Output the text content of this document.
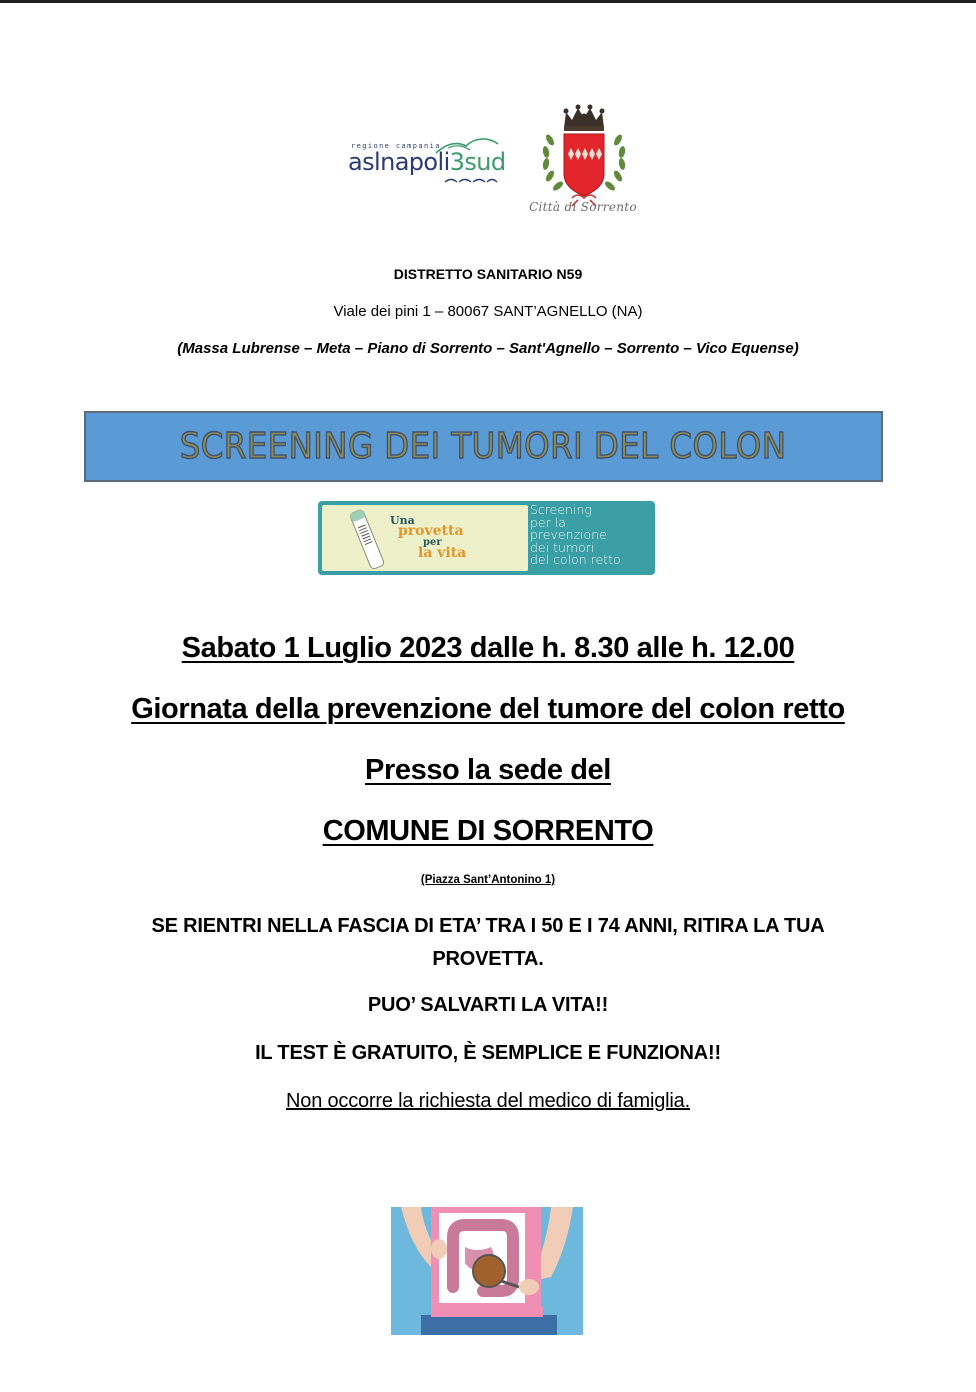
regione campania
aslnapoli3sud
Città di Sorrento
DISTRETTO SANITARIO N59
Viale dei pini 1 – 80067 SANT’AGNELLO (NA)
(Massa Lubrense – Meta – Piano di Sorrento – Sant'Agnello – Sorrento – Vico Equense)
SCREENING DEI TUMORI DEL COLON
Una
provetta
per
la vita
Screening
per la
prevenzione
dei tumori
del colon retto
Sabato 1 Luglio 2023 dalle h. 8.30 alle h. 12.00
Giornata della prevenzione del tumore del colon retto
Presso la sede del
COMUNE DI SORRENTO
(Piazza Sant’Antonino 1)
SE RIENTRI NELLA FASCIA DI ETA’ TRA I 50 E I 74 ANNI, RITIRA LA TUA PROVETTA.
PUO’ SALVARTI LA VITA!!
IL TEST È GRATUITO, È SEMPLICE E FUNZIONA!!
Non occorre la richiesta del medico di famiglia.
